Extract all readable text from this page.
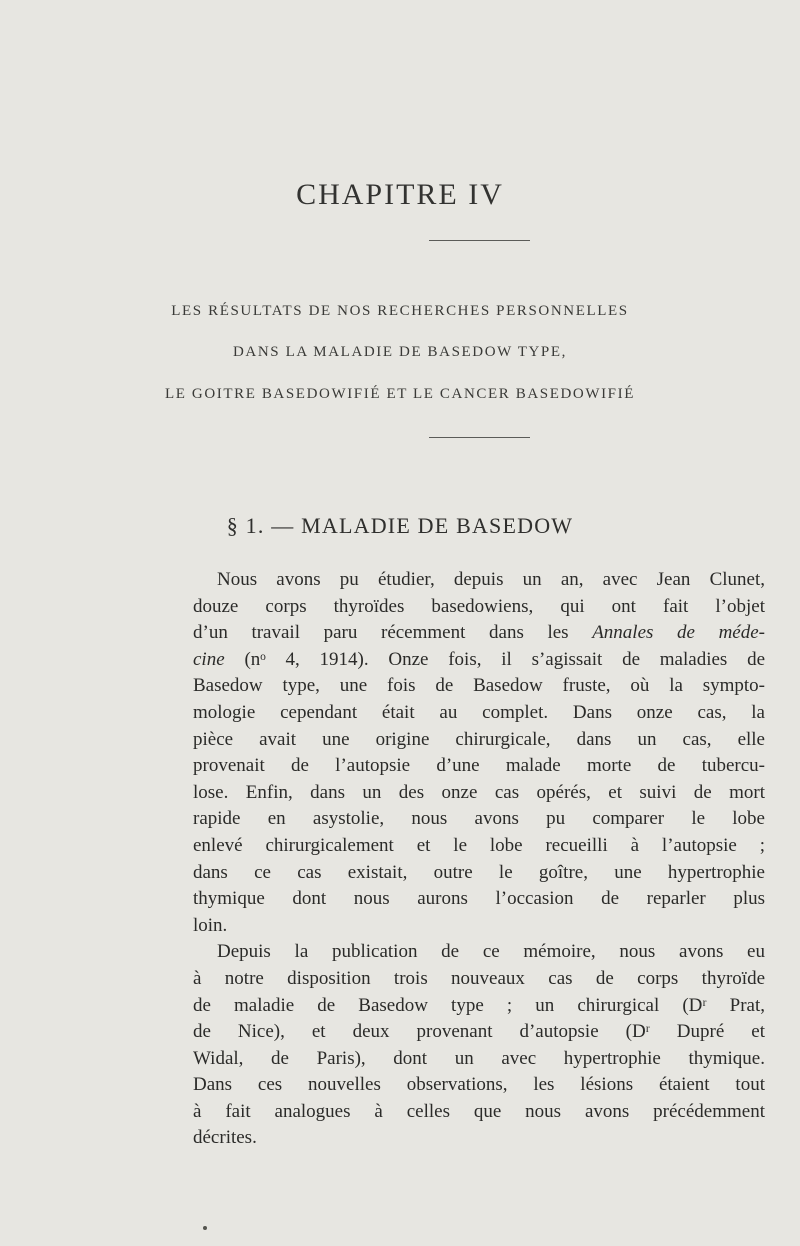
CHAPITRE IV
LES RÉSULTATS DE NOS RECHERCHES PERSONNELLES
DANS LA MALADIE DE BASEDOW TYPE,
LE GOITRE BASEDOWIFIÉ ET LE CANCER BASEDOWIFIÉ
§ 1. — MALADIE DE BASEDOW
Nous avons pu étudier, depuis un an, avec Jean Clunet,
douze corps thyroïdes basedowiens, qui ont fait l’objet
d’un travail paru récemment dans les Annales de méde-
cine (nᵒ 4, 1914). Onze fois, il s’agissait de maladies de
Basedow type, une fois de Basedow fruste, où la sympto-
mologie cependant était au complet. Dans onze cas, la
pièce avait une origine chirurgicale, dans un cas, elle
provenait de l’autopsie d’une malade morte de tubercu-
lose. Enfin, dans un des onze cas opérés, et suivi de mort
rapide en asystolie, nous avons pu comparer le lobe
enlevé chirurgicalement et le lobe recueilli à l’autopsie ;
dans ce cas existait, outre le goître, une hypertrophie
thymique dont nous aurons l’occasion de reparler plus
loin.
Depuis la publication de ce mémoire, nous avons eu
à notre disposition trois nouveaux cas de corps thyroïde
de maladie de Basedow type ; un chirurgical (Dʳ Prat,
de Nice), et deux provenant d’autopsie (Dʳ Dupré et
Widal, de Paris), dont un avec hypertrophie thymique.
Dans ces nouvelles observations, les lésions étaient tout
à fait analogues à celles que nous avons précédemment
décrites.
